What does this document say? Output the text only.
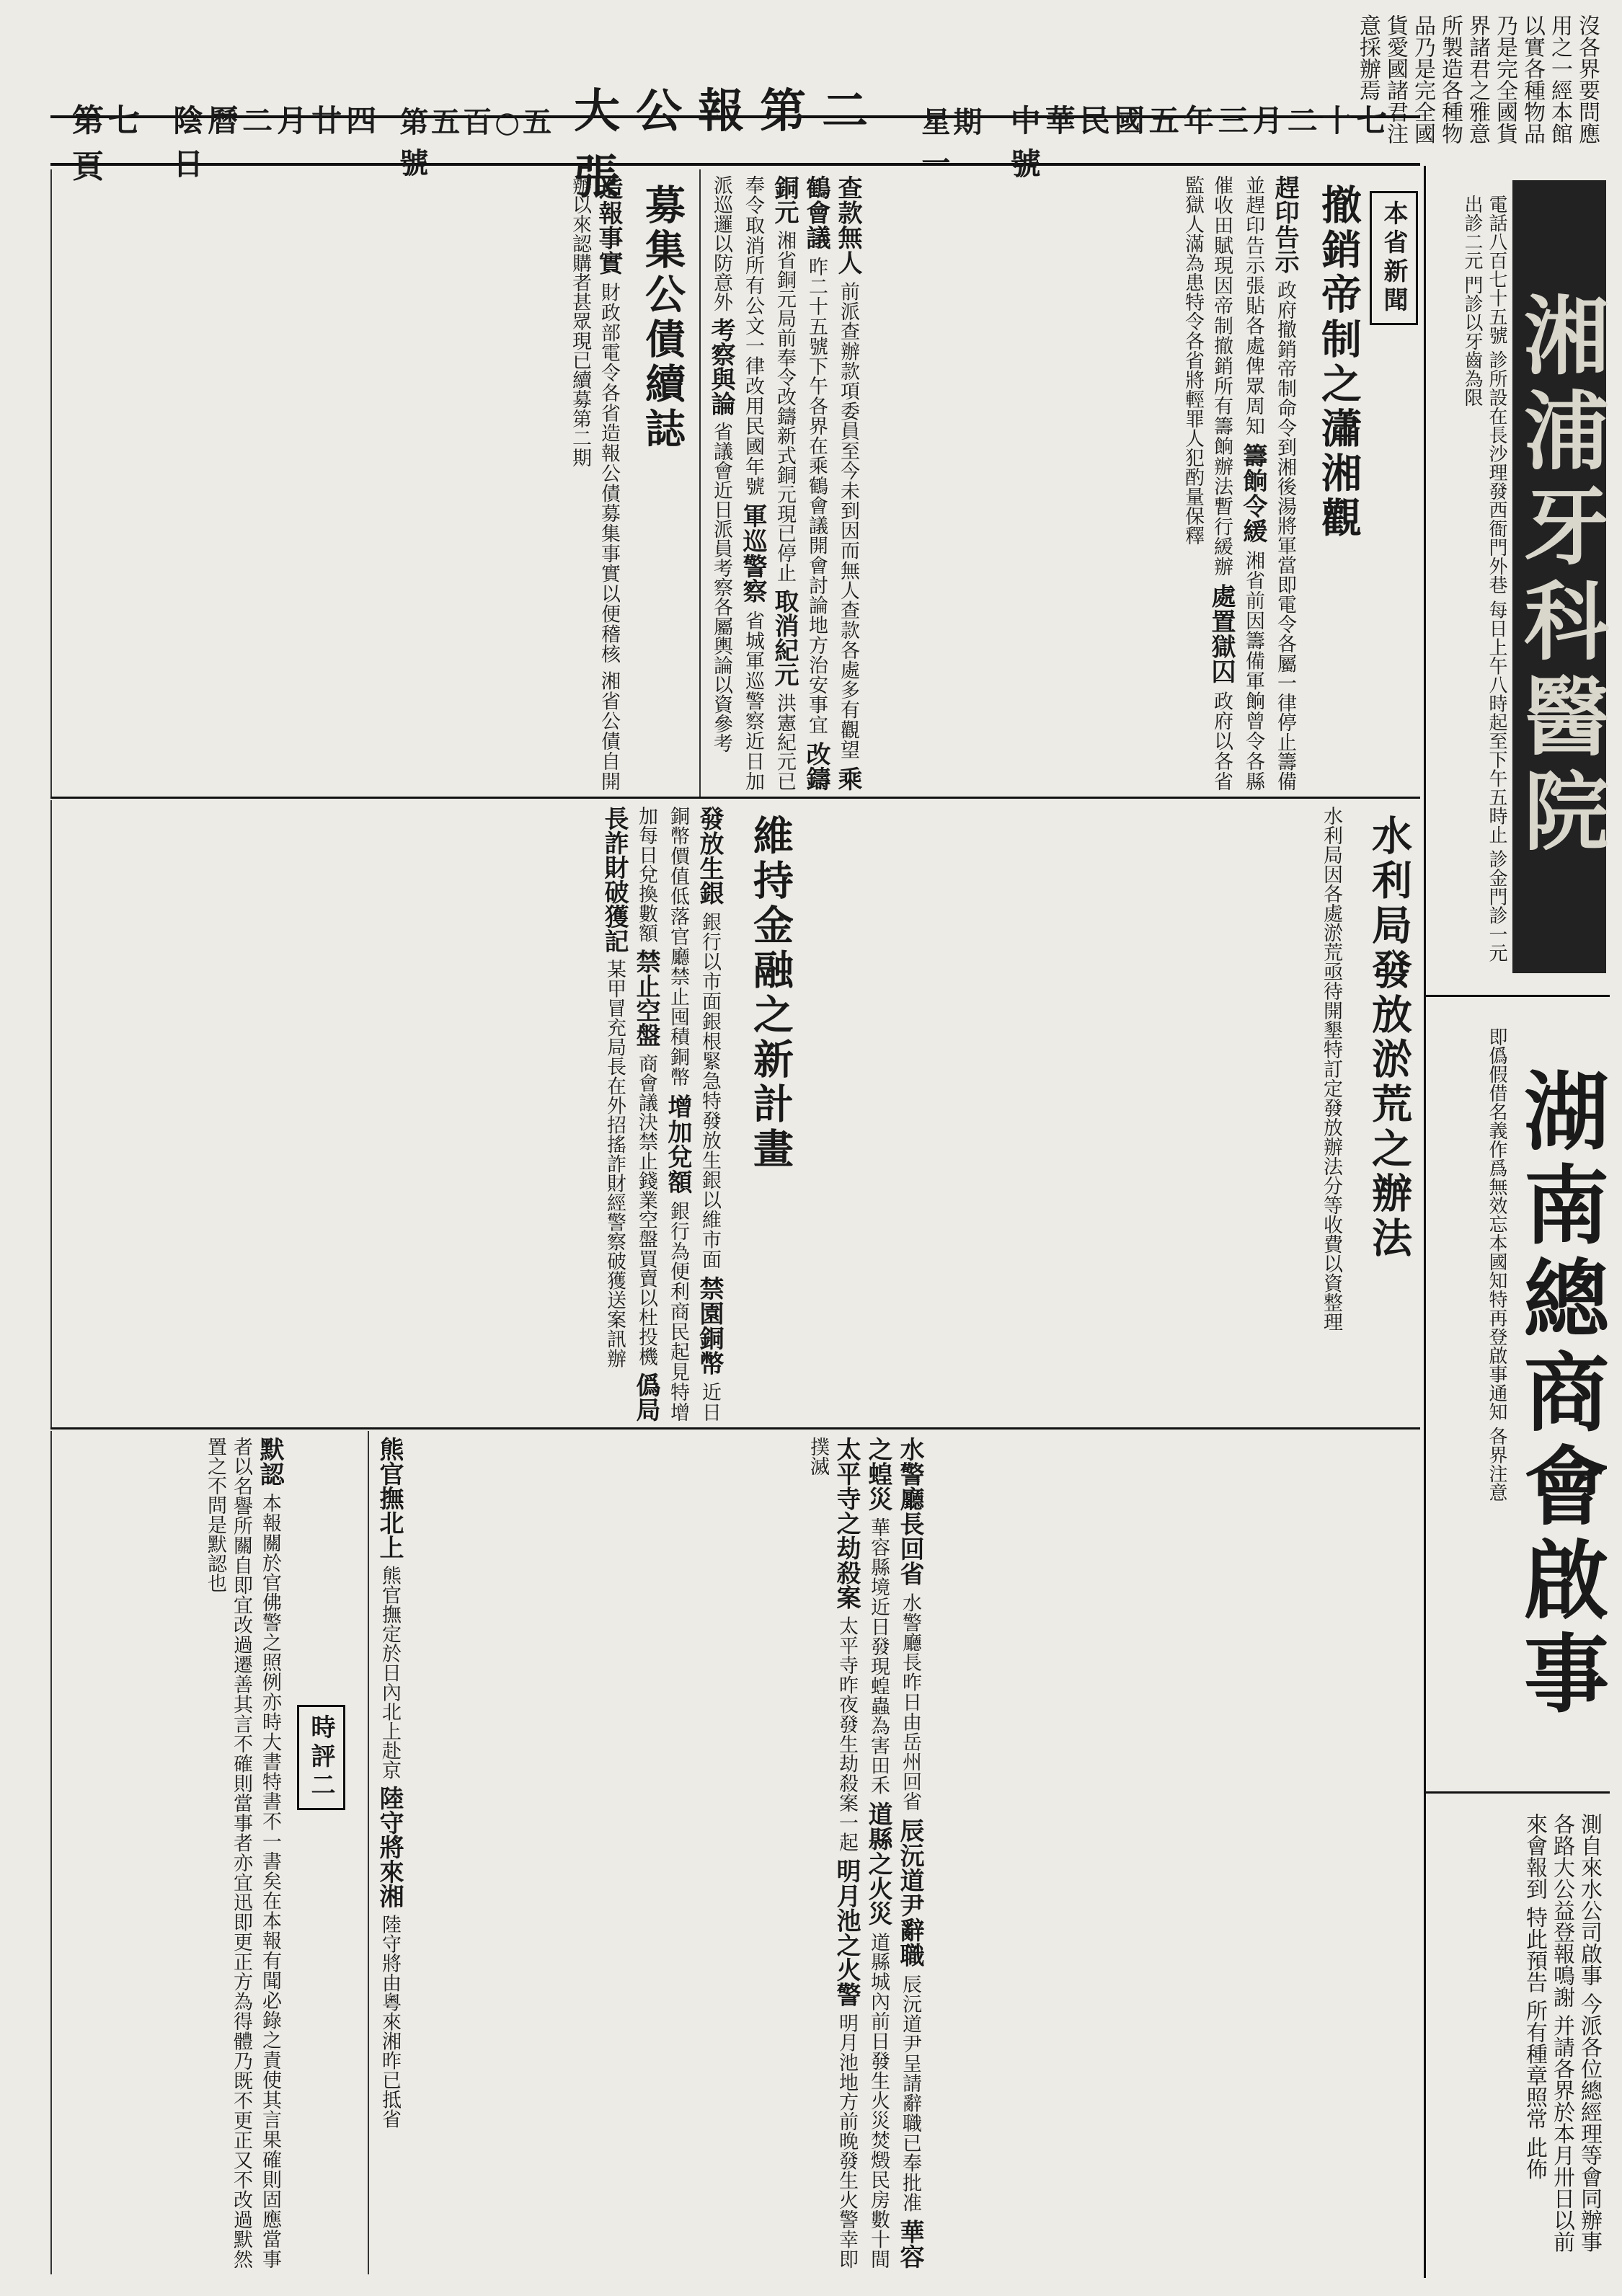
沒各界要問應用之一經本館以實各種物品乃是完全國貨界諸君之雅意所製造各種物品乃是完全國貨愛國諸君注意採辦焉
第七頁
陰曆二月廿四日
第五百○五號
大公報第二張
星期一
中華民國五年三月二十七號
湘浦牙科醫院
電話八百七十五號 診所設在長沙理發西衙門外巷 每日上午八時起至下午五時止 診金門診一元 出診二元 門診以牙齒為限
湖南總商會啟事
即僞假借名義作爲無效忘本國知特再登啟事通知 各界注意
測自來水公司啟事 今派各位總經理等會同辦事各路大公益登報鳴謝 并請各界於本月卅日以前來會報到 特此預告 所有種章照常 此佈
本省新聞
撤銷帝制之瀟湘觀
趕印告示 政府撤銷帝制命令到湘後湯將軍當即電令各屬一律停止籌備並趕印告示張貼各處俾眾周知 籌餉令緩 湘省前因籌備軍餉曾令各縣催收田賦現因帝制撤銷所有籌餉辦法暫行緩辦 處置獄囚 政府以各省監獄人滿為患特令各省將輕罪人犯酌量保釋
查款無人 前派查辦款項委員至今未到因而無人查款各處多有觀望 乘鶴會議 昨二十五號下午各界在乘鶴會議開會討論地方治安事宜 改鑄銅元 湘省銅元局前奉令改鑄新式銅元現已停止 取消紀元 洪憲紀元已奉令取消所有公文一律改用民國年號 軍巡警察 省城軍巡警察近日加派巡邏以防意外 考察與論 省議會近日派員考察各屬輿論以資參考
募集公債續誌
造報事實 財政部電令各省造報公債募集事實以便稽核 湘省公債自開辦以來認購者甚眾現已續募第二期
水利局發放淤荒之辦法
水利局因各處淤荒亟待開墾特訂定發放辦法分等收費以資整理
維持金融之新計畫
發放生銀 銀行以市面銀根緊急特發放生銀以維市面 禁園銅幣 近日銅幣價值低落官廳禁止囤積銅幣 增加兌額 銀行為便利商民起見特增加每日兌換數額 禁止空盤 商會議決禁止錢業空盤買賣以杜投機 僞局長詐財破獲記 某甲冒充局長在外招搖詐財經警察破獲送案訊辦
水警廳長回省 水警廳長昨日由岳州回省 辰沅道尹辭職 辰沅道尹呈請辭職已奉批准 華容之蝗災 華容縣境近日發現蝗蟲為害田禾 道縣之火災 道縣城內前日發生火災焚燬民房數十間 太平寺之劫殺案 太平寺昨夜發生劫殺案一起 明月池之火警 明月池地方前晚發生火警幸即撲滅
熊官撫北上 熊官撫定於日內北上赴京 陸守將來湘 陸守將由粵來湘昨已抵省
時評二
默認 本報關於官佛警之照例亦時大書特書不一書矣在本報有聞必錄之責使其言果確則固應當事者以名譽所關自即宜改過遷善其言不確則當事者亦宜迅即更正方為得體乃既不更正又不改過默然置之不問是默認也
